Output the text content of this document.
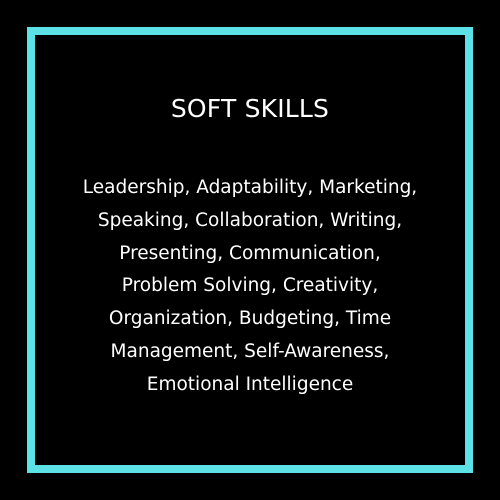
SOFT SKILLS
Leadership, Adaptability, Marketing,
Speaking, Collaboration, Writing,
Presenting, Communication,
Problem Solving, Creativity,
Organization, Budgeting, Time
Management, Self-Awareness,
Emotional Intelligence
